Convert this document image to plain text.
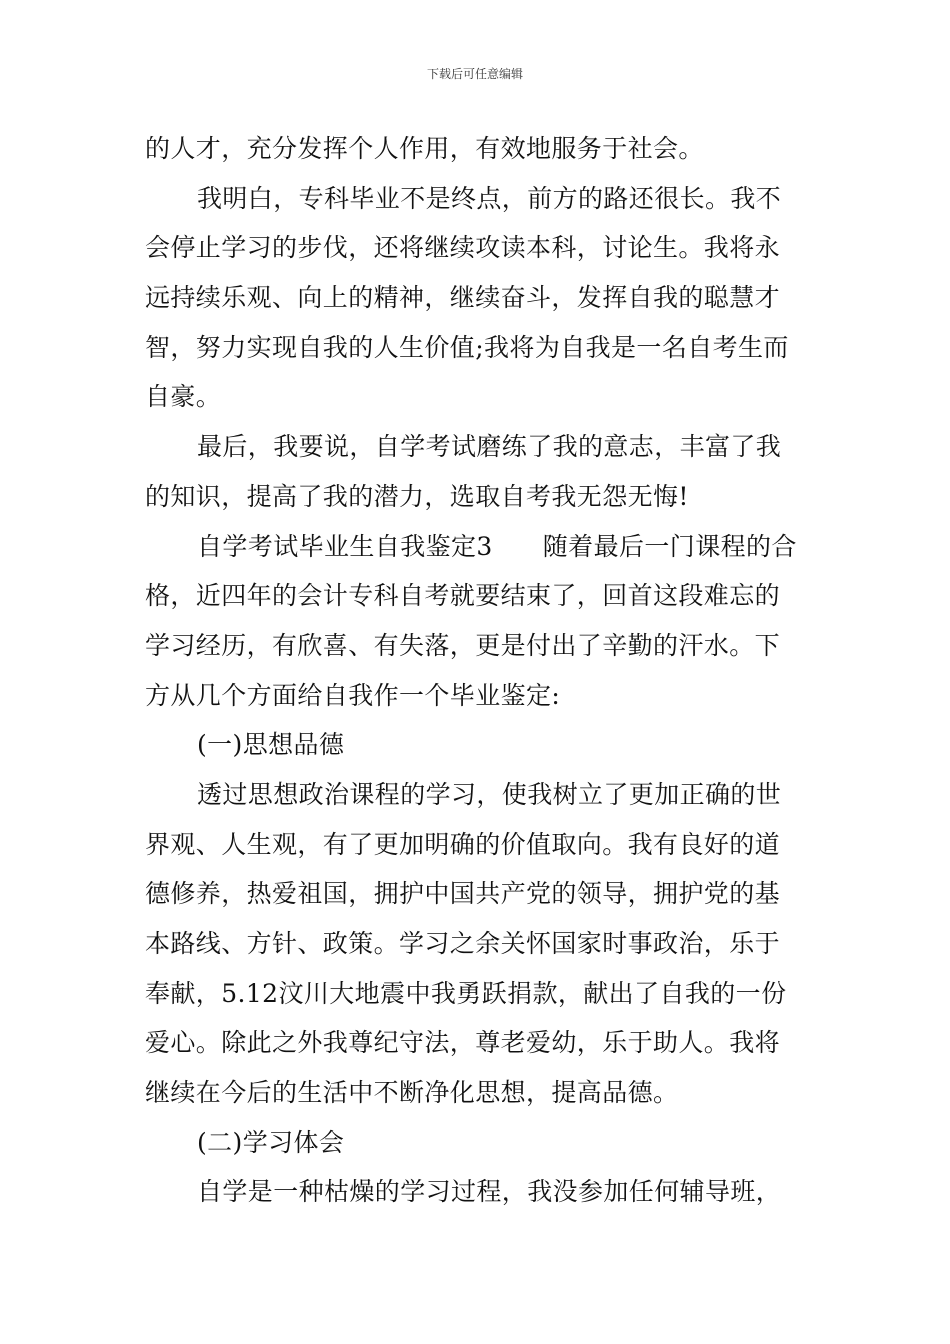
下载后可任意编辑
的人才，充分发挥个人作用，有效地服务于社会。
我明白，专科毕业不是终点，前方的路还很长。我不
会停止学习的步伐，还将继续攻读本科，讨论生。我将永
远持续乐观、向上的精神，继续奋斗，发挥自我的聪慧才
智，努力实现自我的人生价值;我将为自我是一名自考生而
自豪。
最后，我要说，自学考试磨练了我的意志，丰富了我
的知识，提高了我的潜力，选取自考我无怨无悔!
自学考试毕业生自我鉴定3      随着最后一门课程的合
格，近四年的会计专科自考就要结束了，回首这段难忘的
学习经历，有欣喜、有失落，更是付出了辛勤的汗水。下
方从几个方面给自我作一个毕业鉴定:
(一)思想品德
透过思想政治课程的学习，使我树立了更加正确的世
界观、人生观，有了更加明确的价值取向。我有良好的道
德修养，热爱祖国，拥护中国共产党的领导，拥护党的基
本路线、方针、政策。学习之余关怀国家时事政治，乐于
奉献，5.12汶川大地震中我勇跃捐款，献出了自我的一份
爱心。除此之外我尊纪守法，尊老爱幼，乐于助人。我将
继续在今后的生活中不断净化思想，提高品德。
(二)学习体会
自学是一种枯燥的学习过程，我没参加任何辅导班，
